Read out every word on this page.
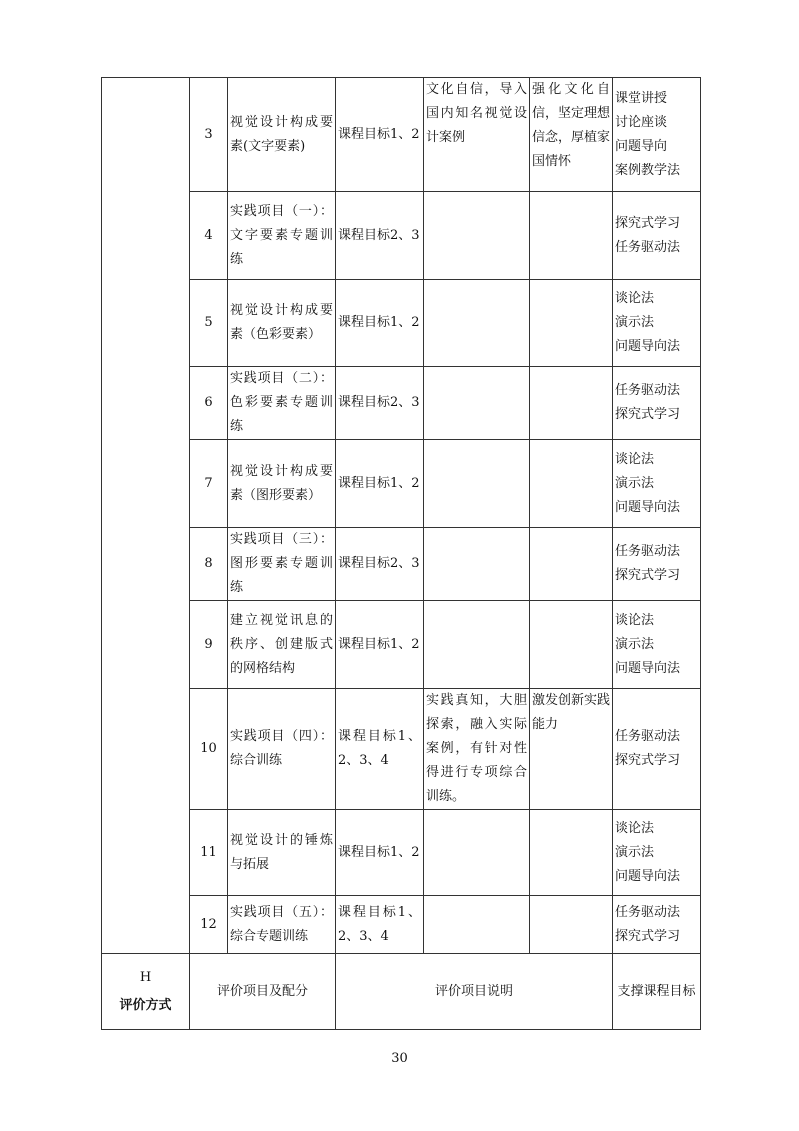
	3	视觉设计构成要素(文字要素)	课程目标1、2	文化自信，导入国内知名视觉设计案例	强化文化自信，坚定理想信念，厚植家国情怀	课堂讲授
讨论座谈
问题导向
案例教学法

	4	实践项目（一）：文字要素专题训练	课程目标2、3			探究式学习
任务驱动法

	5	视觉设计构成要素（色彩要素）	课程目标1、2			谈论法
演示法
问题导向法

	6	实践项目（二）：色彩要素专题训练	课程目标2、3			任务驱动法
探究式学习

	7	视觉设计构成要素（图形要素）	课程目标1、2			谈论法
演示法
问题导向法

	8	实践项目（三）：图形要素专题训练	课程目标2、3			任务驱动法
探究式学习

	9	建立视觉讯息的秩序、创建版式的网格结构	课程目标1、2			谈论法
演示法
问题导向法

	10	实践项目（四）：综合训练	课程目标1、2、3、4	实践真知，大胆探索，融入实际案例，有针对性得进行专项综合训练。	激发创新实践能力	任务驱动法
探究式学习

	11	视觉设计的锤炼与拓展	课程目标1、2			谈论法
演示法
问题导向法

	12	实践项目（五）：综合专题训练	课程目标1、2、3、4			任务驱动法
探究式学习

H
评价方式	评价项目及配分		评价项目说明			支撑课程目标
30
